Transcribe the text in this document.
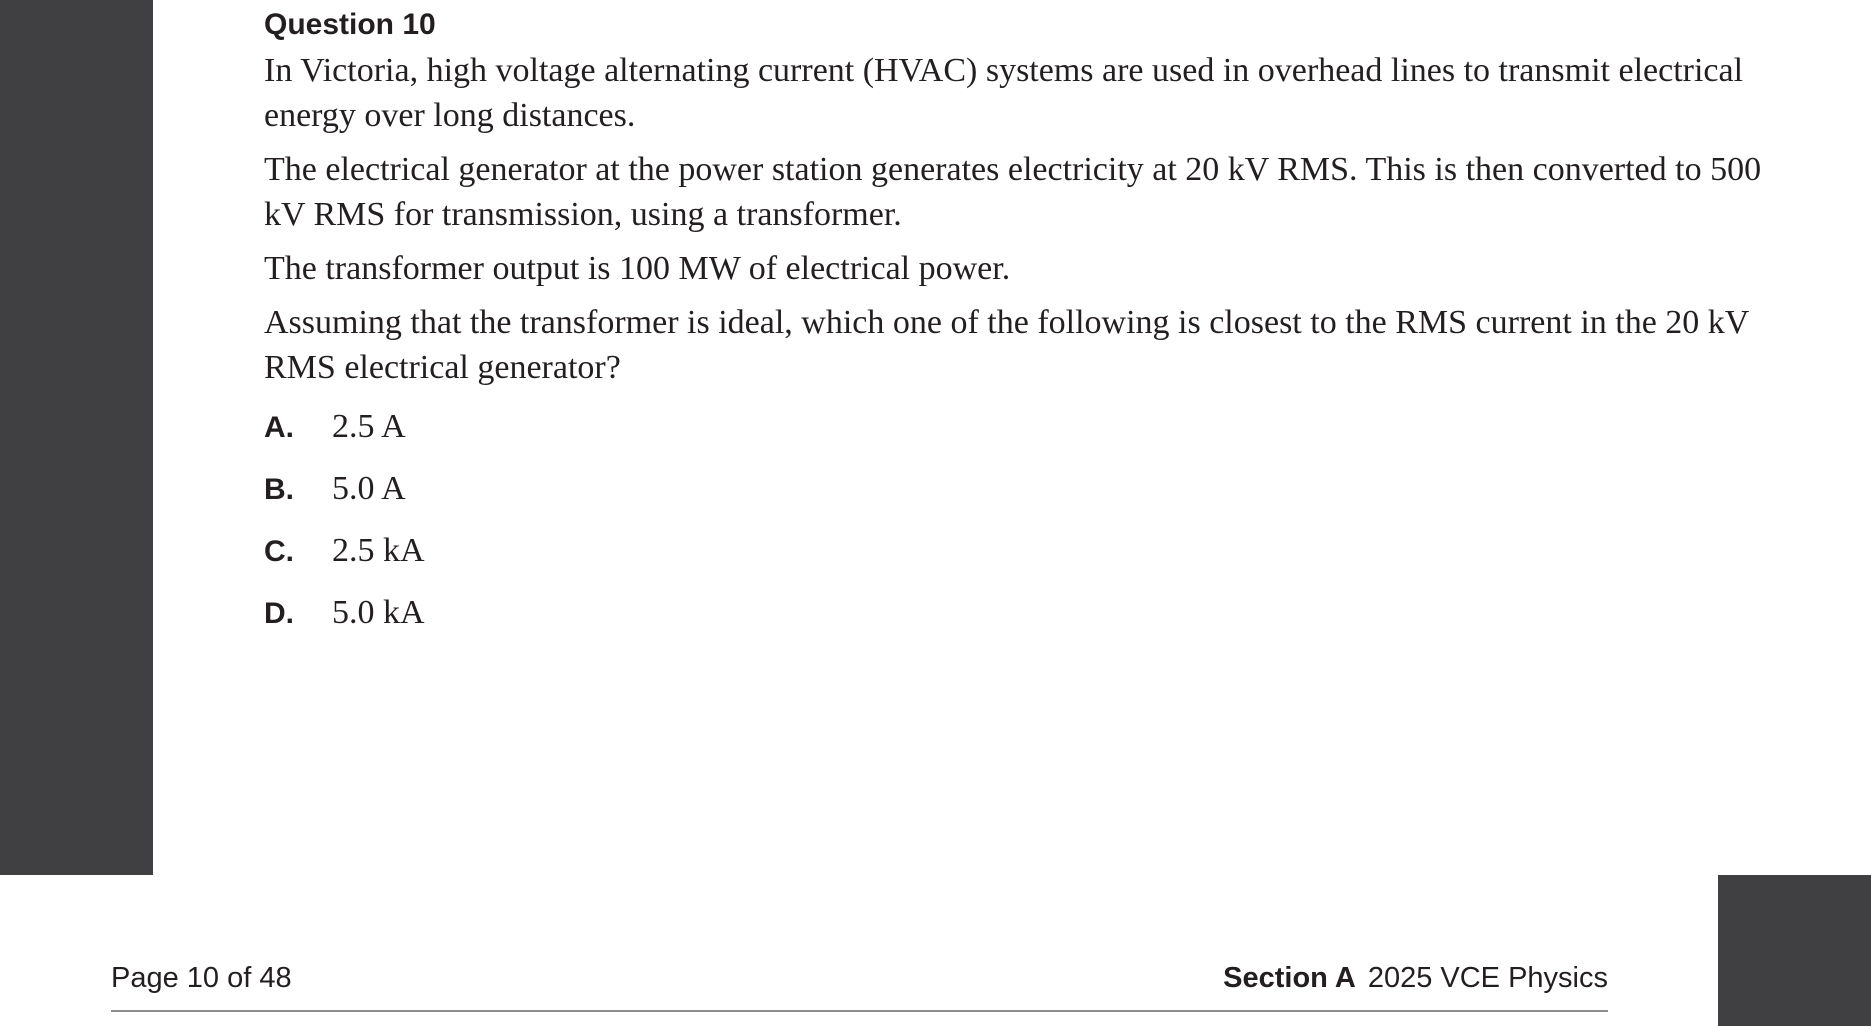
Question 10

In Victoria, high voltage alternating current (HVAC) systems are used in overhead lines to transmit electrical energy over long distances.

The electrical generator at the power station generates electricity at 20 kV RMS. This is then converted to 500 kV RMS for transmission, using a transformer.

The transformer output is 100 MW of electrical power.

Assuming that the transformer is ideal, which one of the following is closest to the RMS current in the 20 kV RMS electrical generator?

A.	2.5 A
B.	5.0 A
C.	2.5 kA
D.	5.0 kA
Page 10 of 48	Section A 2025 VCE Physics
